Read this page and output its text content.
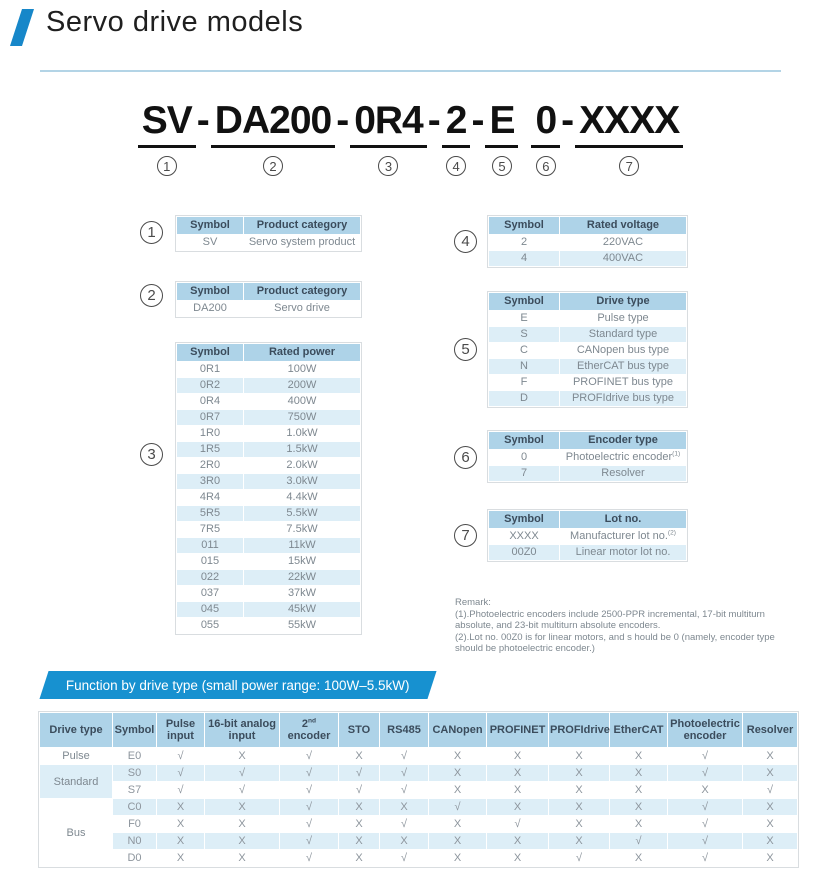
Servo drive models
SV
1
- DA200
2
- 0R4
3
- 2
4
- E
5
0
6
- XXXX
7
1
2
3
4
5
6
7
Symbol	Product category
SV	Servo system product
Symbol	Product category
DA200	Servo drive
Symbol	Rated power
0R1	100W
0R2	200W
0R4	400W
0R7	750W
1R0	1.0kW
1R5	1.5kW
2R0	2.0kW
3R0	3.0kW
4R4	4.4kW
5R5	5.5kW
7R5	7.5kW
011	11kW
015	15kW
022	22kW
037	37kW
045	45kW
055	55kW
Symbol	Rated voltage
2	220VAC
4	400VAC
Symbol	Drive type
E	Pulse type
S	Standard type
C	CANopen bus type
N	EtherCAT bus type
F	PROFINET bus type
D	PROFIdrive bus type
Symbol	Encoder type
0	Photoelectric encoder$^{(1)}$
7	Resolver
Symbol	Lot no.
XXXX	Manufacturer lot no.$^{(2)}$
00Z0	Linear motor lot no.

Remark:

(1).Photoelectric encoders include 2500-PPR incremental, 17-bit multiturn absolute, and 23-bit multiturn absolute encoders.

(2).Lot no. 00Z0 is for linear motors, and s hould be 0 (namely, encoder type should be photoelectric encoder.)

Function by drive type (small power range: 100W–5.5kW)
Drive type	Symbol	Pulse input	16-bit analog input	2nd encoder	STO	RS485	CANopen	PROFINET	PROFIdrive	EtherCAT	Photoelectric encoder	Resolver
Pulse	E0	√	X	√	X	√	X	X	X	X	√	X
Standard	S0	√	√	√	√	√	X	X	X	X	√	X
	S7	√	√	√	√	√	X	X	X	X	X	√
Bus	C0	X	X	√	X	X	√	X	X	X	√	X
	F0	X	X	√	X	√	X	√	X	X	√	X
	N0	X	X	√	X	X	X	X	X	√	√	X
	D0	X	X	√	X	√	X	X	√	X	√	X
